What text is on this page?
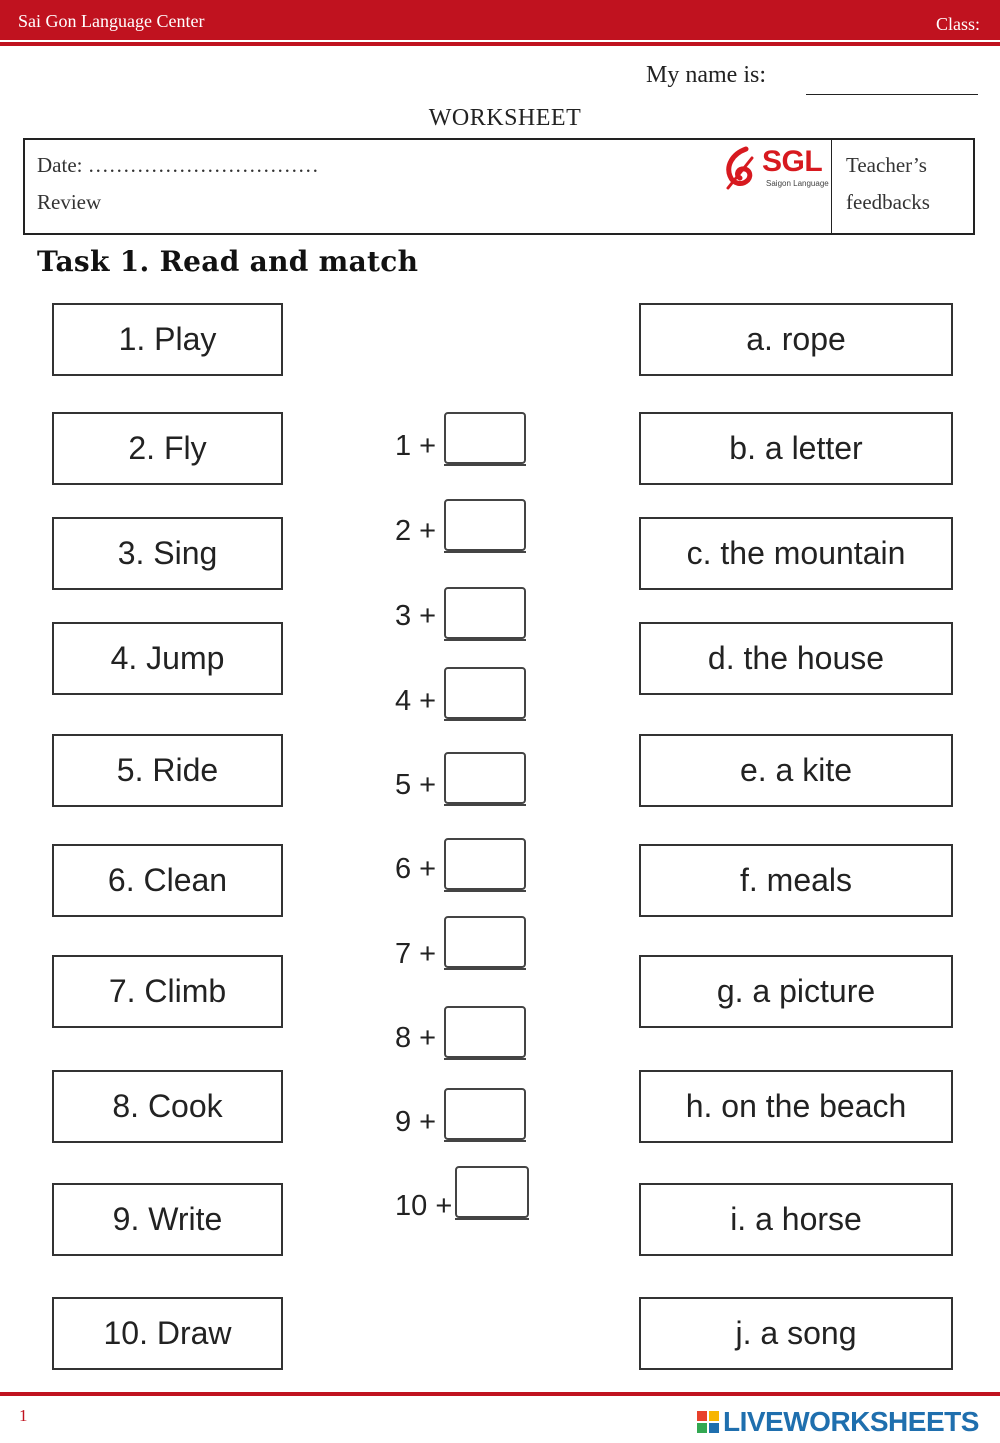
Sai Gon Language Center	Class:
My name is:
WORKSHEET
Date: ……………………………
Review
Teacher’s
feedbacks
SGL
Saigon Language
Task 1. Read and match
1. Play
2. Fly
3. Sing
4. Jump
5. Ride
6. Clean
7. Climb
8. Cook
9. Write
10. Draw
a. rope
b. a letter
c. the mountain
d. the house
e. a kite
f. meals
g. a picture
h. on the beach
i. a horse
j. a song
1 +
2 +
3 +
4 +
5 +
6 +
7 +
8 +
9 +
10 +
1	LIVEWORKSHEETS
